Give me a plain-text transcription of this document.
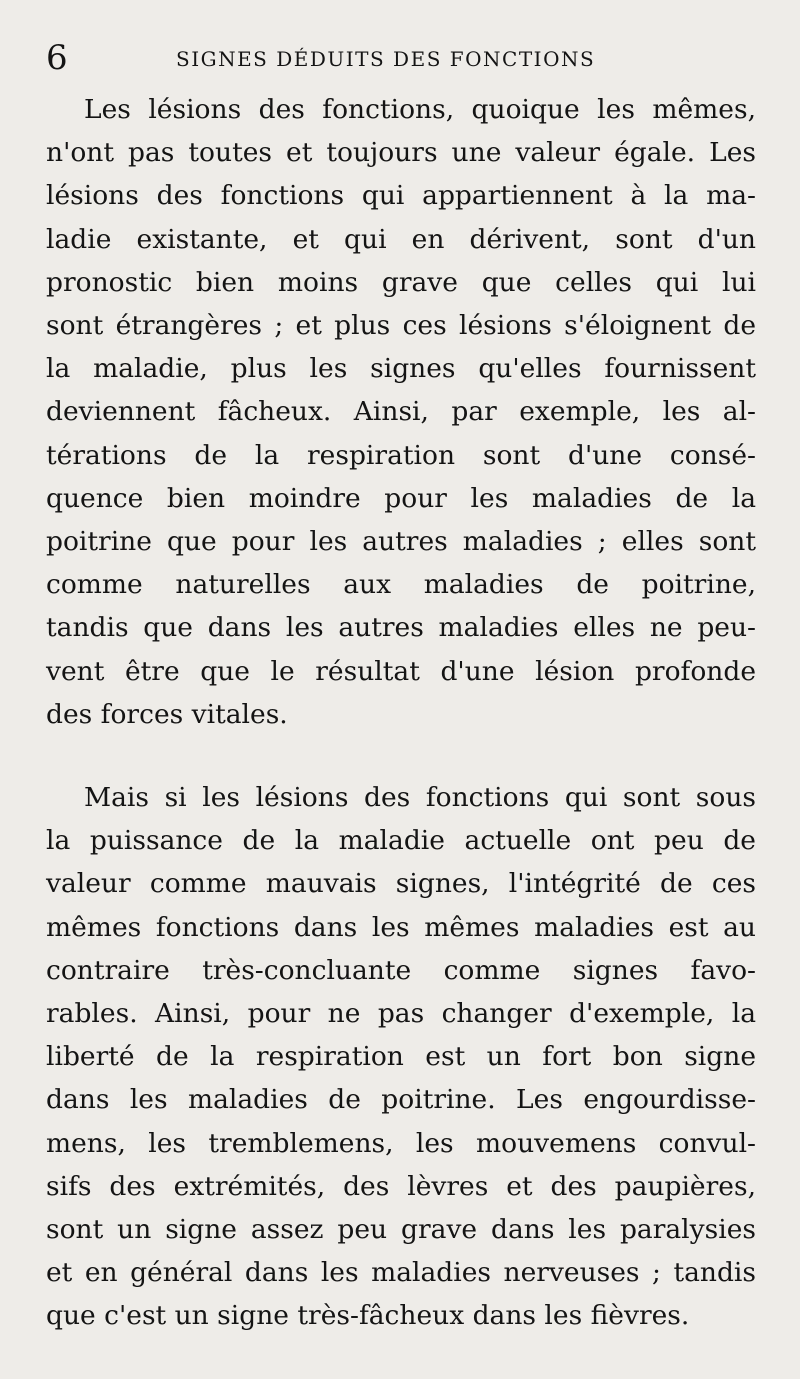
6	SIGNES DÉDUITS DES FONCTIONS

Les lésions des fonctions, quoique les mêmes,
n'ont pas toutes et toujours une valeur égale. Les
lésions des fonctions qui appartiennent à la ma-
ladie existante, et qui en dérivent, sont d'un
pronostic bien moins grave que celles qui lui
sont étrangères ; et plus ces lésions s'éloignent de
la maladie, plus les signes qu'elles fournissent
deviennent fâcheux. Ainsi, par exemple, les al-
térations de la respiration sont d'une consé-
quence bien moindre pour les maladies de la
poitrine que pour les autres maladies ; elles sont
comme naturelles aux maladies de poitrine,
tandis que dans les autres maladies elles ne peu-
vent être que le résultat d'une lésion profonde
des forces vitales.

Mais si les lésions des fonctions qui sont sous
la puissance de la maladie actuelle ont peu de
valeur comme mauvais signes, l'intégrité de ces
mêmes fonctions dans les mêmes maladies est au
contraire très-concluante comme signes favo-
rables. Ainsi, pour ne pas changer d'exemple, la
liberté de la respiration est un fort bon signe
dans les maladies de poitrine. Les engourdisse-
mens, les tremblemens, les mouvemens convul-
sifs des extrémités, des lèvres et des paupières,
sont un signe assez peu grave dans les paralysies
et en général dans les maladies nerveuses ; tandis
que c'est un signe très-fâcheux dans les fièvres.
